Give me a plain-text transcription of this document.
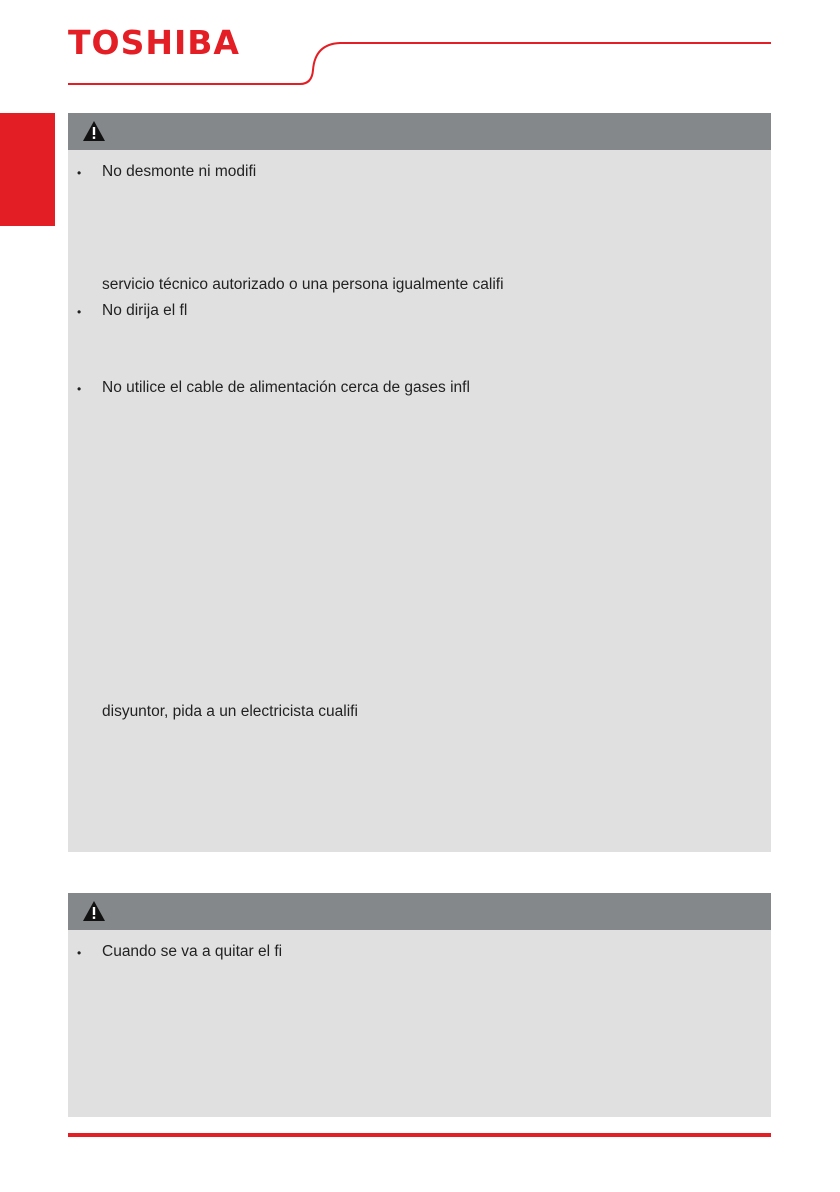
TOSHIBA
• No desmonte ni modifi
servicio técnico autorizado o una persona igualmente califi
• No dirija el fl
• No utilice el cable de alimentación cerca de gases infl
disyuntor, pida a un electricista cualifi
• Cuando se va a quitar el fi
